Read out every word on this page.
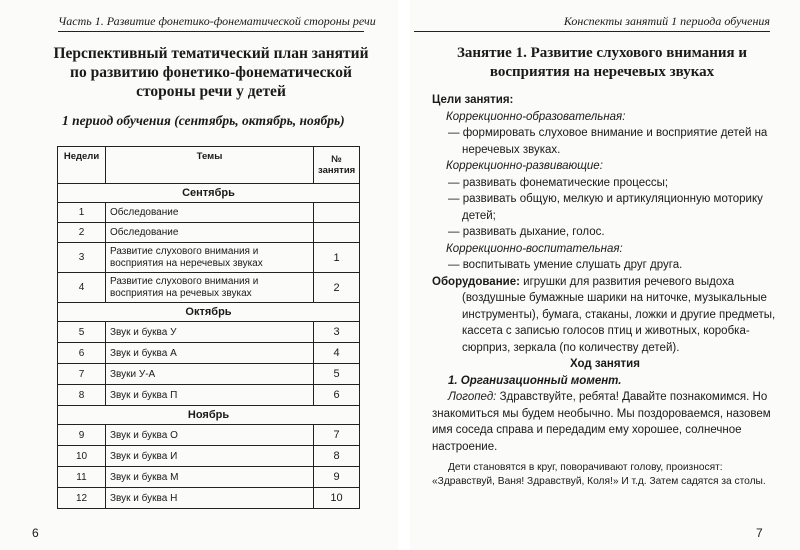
Часть 1. Развитие фонетико-фонематической стороны речи
Перспективный тематический план занятий по развитию фонетико-фонематической стороны речи у детей
1 период обучения (сентябрь, октябрь, ноябрь)
Недели	Темы	№ занятия
Сентябрь		
1	Обследование	
2	Обследование	
3	Развитие слухового внимания и восприятия на неречевых звуках	1
4	Развитие слухового внимания и восприятия на речевых звуках	2
Октябрь		
5	Звук и буква У	3
6	Звук и буква А	4
7	Звуки У-А	5
8	Звук и буква П	6
Ноябрь		
9	Звук и буква О	7
10	Звук и буква И	8
11	Звук и буква М	9
12	Звук и буква Н	10
6
Конспекты занятий 1 периода обучения
Занятие 1. Развитие слухового внимания и восприятия на неречевых звуках

Цели занятия:

Коррекционно-образовательная:

— формировать слуховое внимание и восприятие детей на неречевых звуках.

Коррекционно-развивающие:

— развивать фонематические процессы;

— развивать общую, мелкую и артикуляционную моторику детей;

— развивать дыхание, голос.

Коррекционно-воспитательная:

— воспитывать умение слушать друг друга.

Оборудование: игрушки для развития речевого выдоха (воздушные бумажные шарики на ниточке, музыкальные инструменты), бумага, стаканы, ложки и другие предметы, кассета с записью голосов птиц и животных, коробка-сюрприз, зеркала (по количеству детей).

Ход занятия

1. Организационный момент.

Логопед: Здравствуйте, ребята! Давайте познакомимся. Но знакомиться мы будем необычно. Мы поздороваемся, назовем имя соседа справа и передадим ему хорошее, солнечное настроение.

Дети становятся в круг, поворачивают голову, произносят: «Здравствуй, Ваня! Здравствуй, Коля!» И т.д. Затем садятся за столы.

7
